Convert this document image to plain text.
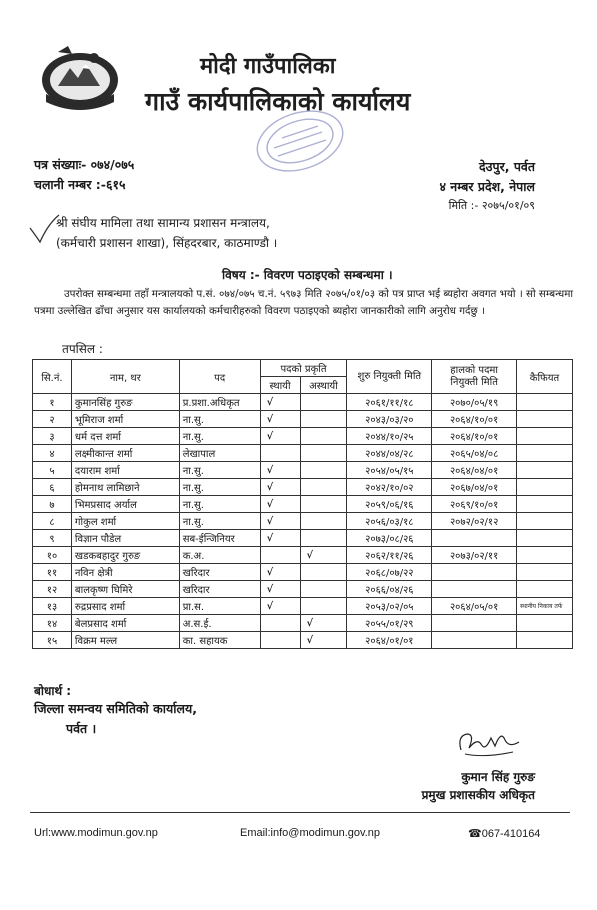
मोदी गाउँपालिका
गाउँ कार्यपालिकाको कार्यालय
पत्र संख्याः- ०७४/०७५
चलानी नम्बर :-६१५
देउपुर, पर्वत
४ नम्बर प्रदेश, नेपाल
मिति :- २०७५/०१/०९
श्री संघीय मामिला तथा सामान्य प्रशासन मन्त्रालय,
(कर्मचारी प्रशासन शाखा), सिंहदरबार, काठमाण्डौ ।
विषय :- विवरण पठाइएको सम्बन्धमा ।
उपरोक्त सम्बन्धमा तहाँ मन्त्रालयको प.सं. ०७४/०७५ च.नं. ५९७३ मिति २०७५/०१/०३ को पत्र प्राप्त भई ब्यहोरा अवगत भयो । सो सम्बन्धमा पत्रमा उल्लेखित ढाँचा अनुसार यस कार्यालयको कर्मचारीहरुको विवरण पठाइएको ब्यहोरा जानकारीको लागि अनुरोध गर्दछु ।
तपसिल :
सि.नं.	नाम, थर	पद	पदको प्रकृति		शुरु नियुक्ती मिति	हालको पदमा नियुक्ती मिति	कैफियत
			स्थायी	अस्थायी			
१	कुमानसिंह गुरुङ	प्र.प्रशा.अधिकृत	√		२०६१/११/१८	२०७०/०५/१९	
२	भूमिराज शर्मा	ना.सु.	√		२०४३/०३/२०	२०६४/१०/०१	
३	धर्म दत्त शर्मा	ना.सु.	√		२०४४/१०/२५	२०६४/१०/०१	
४	लक्ष्मीकान्त शर्मा	लेखापाल			२०४४/०४/२८	२०६५/०४/०८	
५	दयाराम शर्मा	ना.सु.	√		२०५४/०५/१५	२०६४/०४/०१	
६	होमनाथ लामिछाने	ना.सु.	√		२०४२/१०/०२	२०६७/०४/०१	
७	भिमप्रसाद अर्याल	ना.सु.	√		२०५९/०६/१६	२०६९/१०/०१	
८	गोकुल शर्मा	ना.सु.	√		२०५६/०३/१८	२०७२/०२/१२	
९	विज्ञान पौडेल	सब-ईन्जिनियर	√		२०७३/०८/२६		
१०	खडकबहादुर गुरुङ	क.अ.		√	२०६२/११/२६	२०७३/०२/११	
११	नविन क्षेत्री	खरिदार	√		२०६८/०७/२२		
१२	बालकृष्ण घिमिरे	खरिदार	√		२०६६/०४/२६		
१३	रुद्रप्रसाद शर्मा	प्रा.स.	√		२०५३/०२/०५	२०६४/०५/०१	स्थानीय निकाय तर्फ
१४	बेलप्रसाद शर्मा	अ.स.ई.		√	२०५५/०१/२९		
१५	विक्रम मल्ल	का. सहायक		√	२०६४/०१/०१		
बोधार्थ :
जिल्ला समन्वय समितिको कार्यालय,
पर्वत ।
कुमान सिंह गुरुङ
प्रमुख प्रशासकीय अधिकृत
Url:www.modimun.gov.np	Email:info@modimun.gov.np	☎067-410164
